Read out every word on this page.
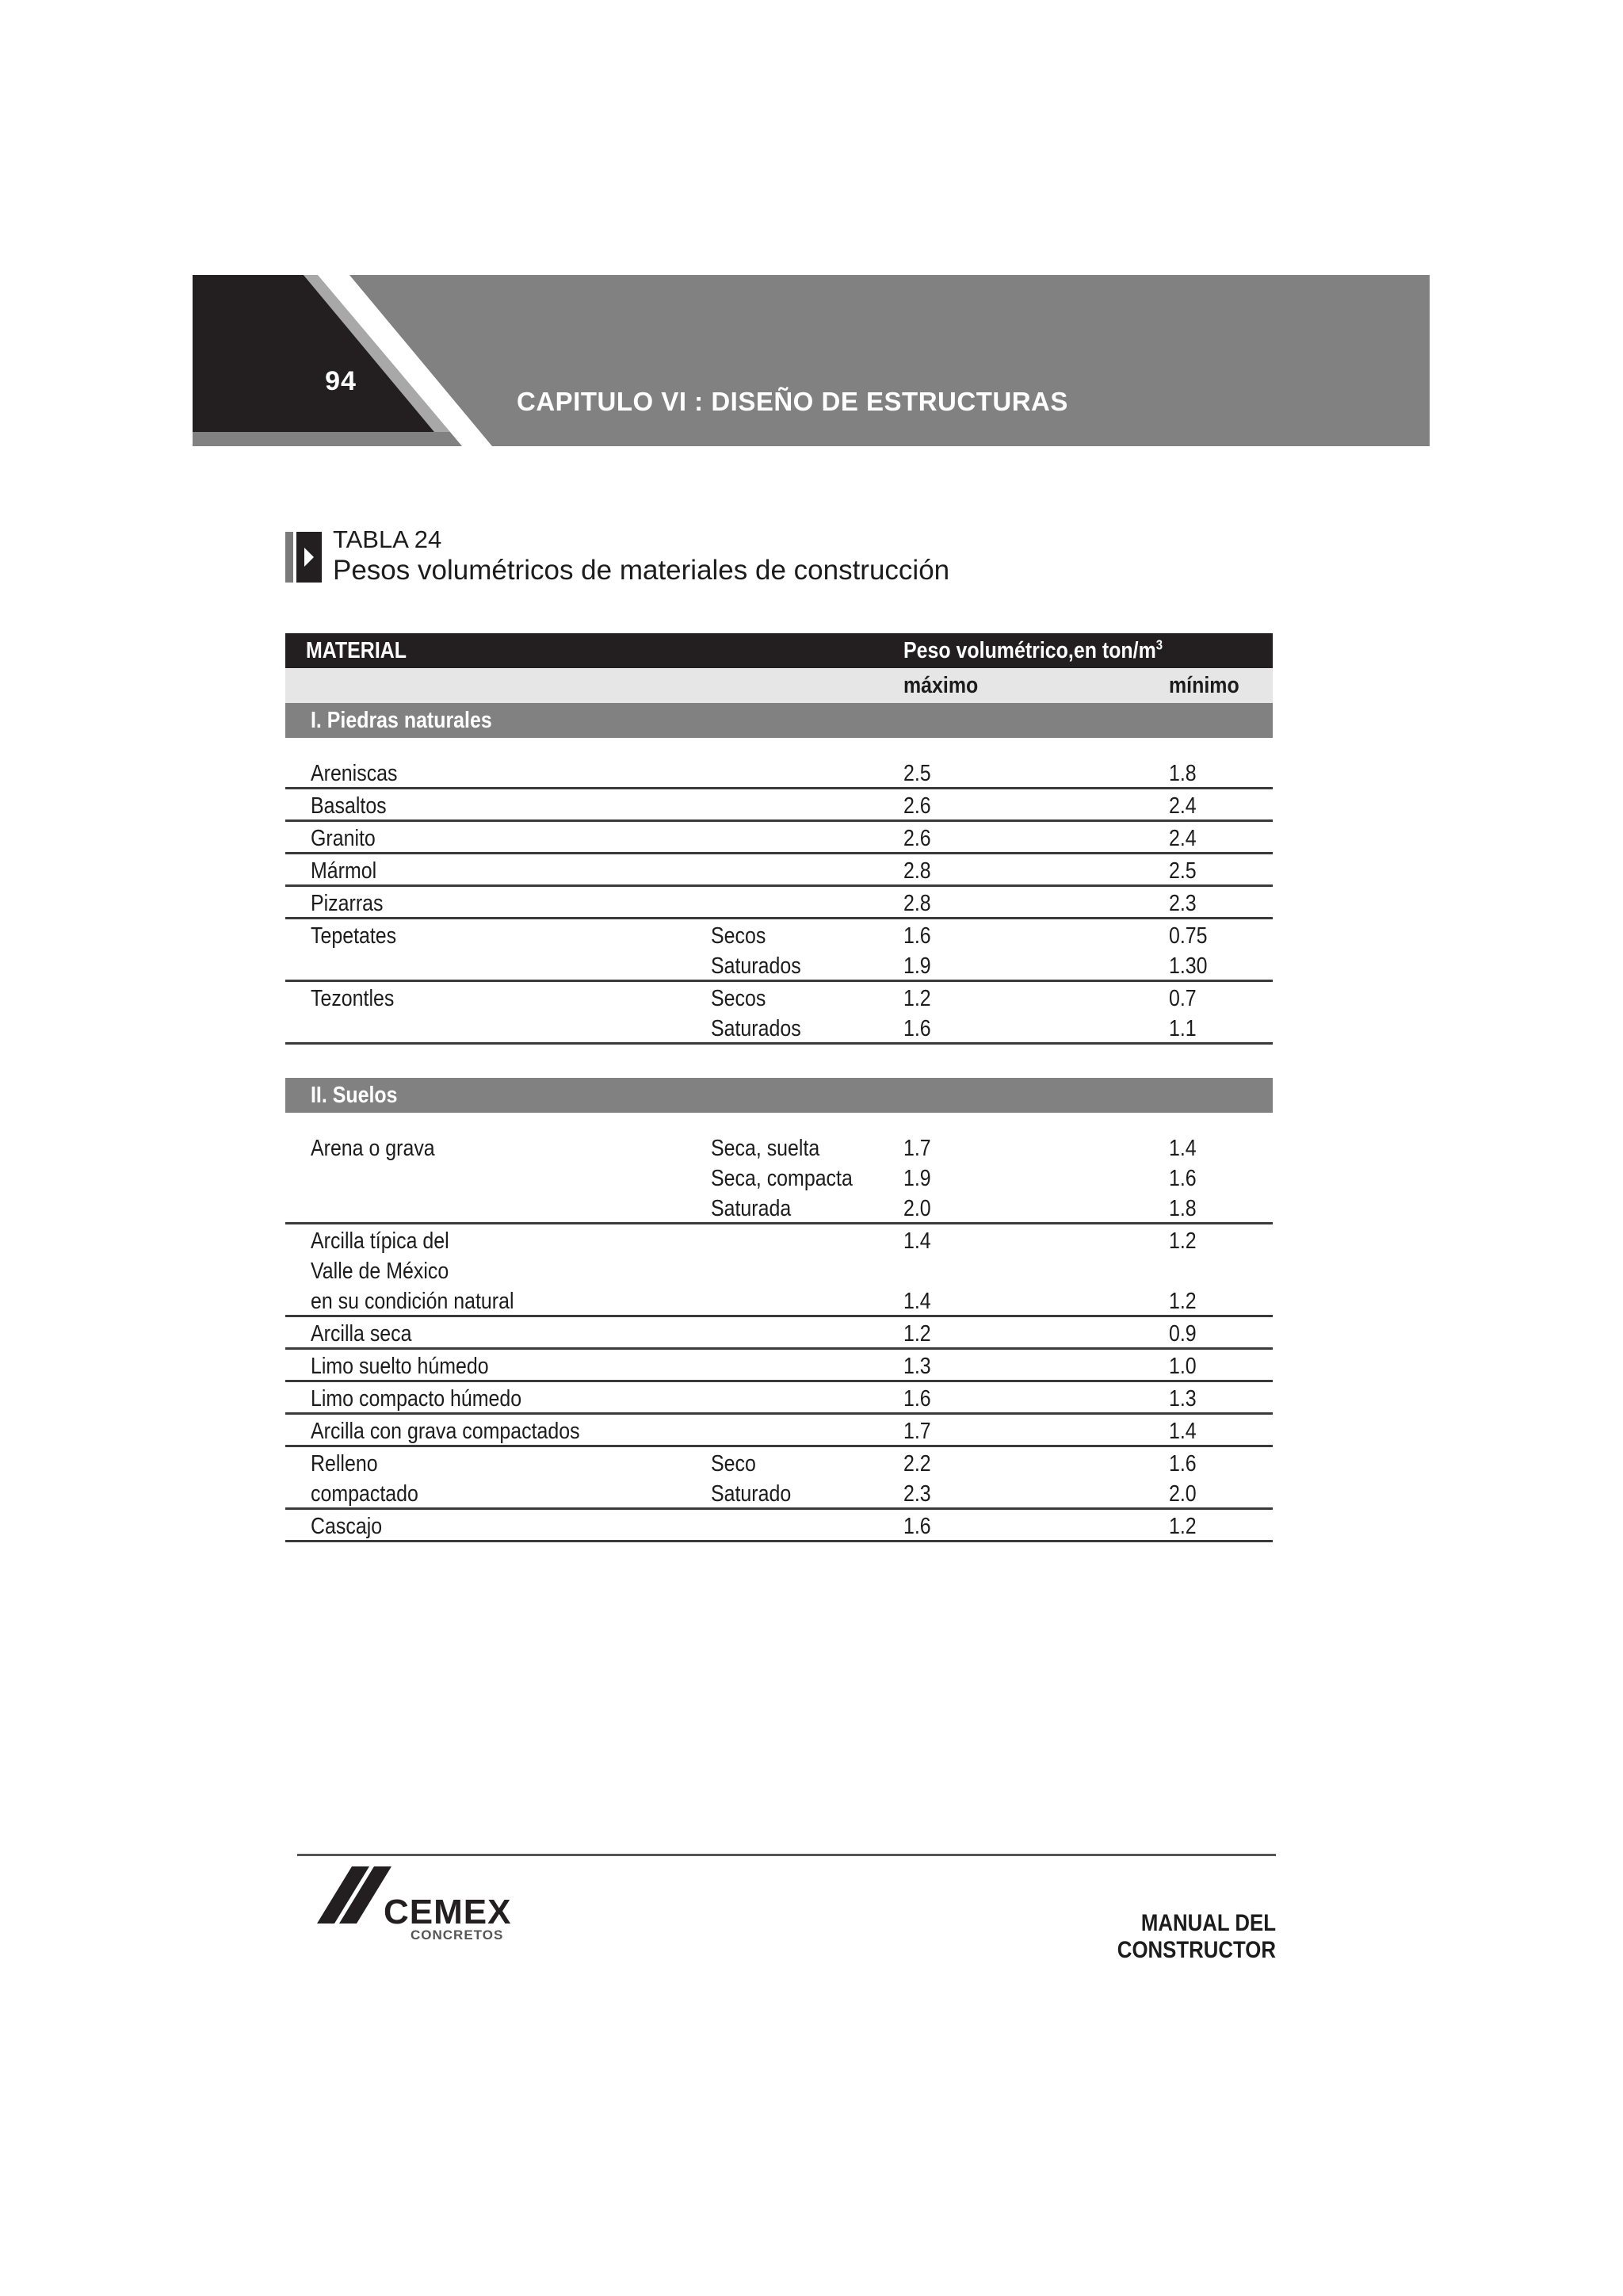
94
CAPITULO VI : DISEÑO DE ESTRUCTURAS
TABLA 24
Pesos volumétricos de materiales de construcción
MATERIAL	Peso volumétrico,en ton/$m^3$
máximo	mínimo
I. Piedras naturales
Areniscas	2.5	1.8
Basaltos	2.6	2.4
Granito	2.6	2.4
Mármol	2.8	2.5
Pizarras	2.8	2.3
Tepetates	Secos	1.6	0.75
Saturados	1.9	1.30
Tezontles	Secos	1.2	0.7
Saturados	1.6	1.1
II. Suelos
Arena o grava	Seca, suelta	1.7	1.4
Seca, compacta	1.9	1.6
Saturada	2.0	1.8
Arcilla típica del	1.4	1.2
Valle de México
en su condición natural	1.4	1.2
Arcilla seca	1.2	0.9
Limo suelto húmedo	1.3	1.0
Limo compacto húmedo	1.6	1.3
Arcilla con grava compactados	1.7	1.4
Relleno	Seco	2.2	1.6
compactado	Saturado	2.3	2.0
Cascajo	1.6	1.2
CEMEX
CONCRETOS	MANUAL DEL CONSTRUCTOR
